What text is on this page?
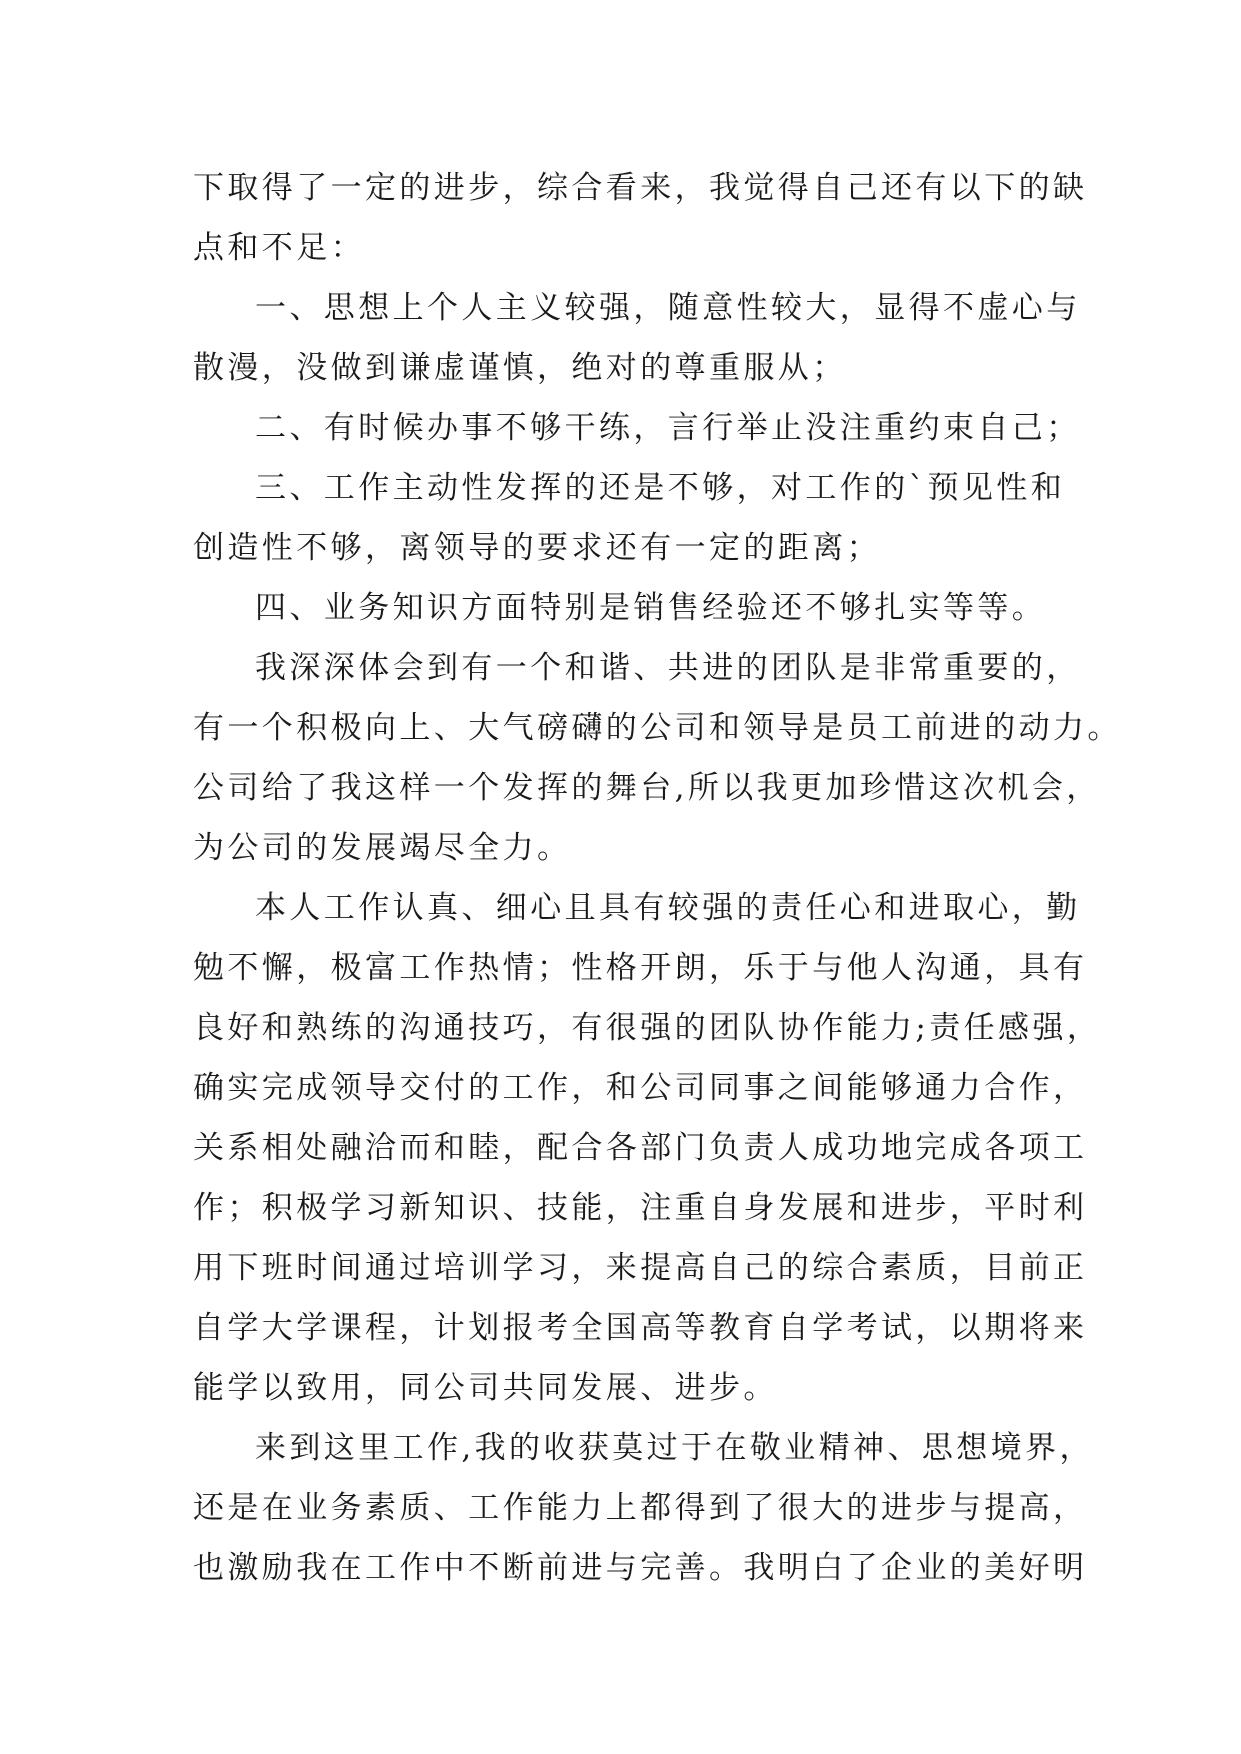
下取得了一定的进步，综合看来，我觉得自己还有以下的缺
点和不足：
一、思想上个人主义较强，随意性较大，显得不虚心与
散漫，没做到谦虚谨慎，绝对的尊重服从；
二、有时候办事不够干练，言行举止没注重约束自己；
三、工作主动性发挥的还是不够，对工作的`预见性和
创造性不够，离领导的要求还有一定的距离；
四、业务知识方面特别是销售经验还不够扎实等等。
我深深体会到有一个和谐、共进的团队是非常重要的，
有一个积极向上、大气磅礴的公司和领导是员工前进的动力。
公司给了我这样一个发挥的舞台,所以我更加珍惜这次机会，
为公司的发展竭尽全力。
本人工作认真、细心且具有较强的责任心和进取心，勤
勉不懈，极富工作热情；性格开朗，乐于与他人沟通，具有
良好和熟练的沟通技巧，有很强的团队协作能力;责任感强，
确实完成领导交付的工作，和公司同事之间能够通力合作，
关系相处融洽而和睦，配合各部门负责人成功地完成各项工
作；积极学习新知识、技能，注重自身发展和进步，平时利
用下班时间通过培训学习，来提高自己的综合素质，目前正
自学大学课程，计划报考全国高等教育自学考试，以期将来
能学以致用，同公司共同发展、进步。
来到这里工作,我的收获莫过于在敬业精神、思想境界，
还是在业务素质、工作能力上都得到了很大的进步与提高，
也激励我在工作中不断前进与完善。我明白了企业的美好明
